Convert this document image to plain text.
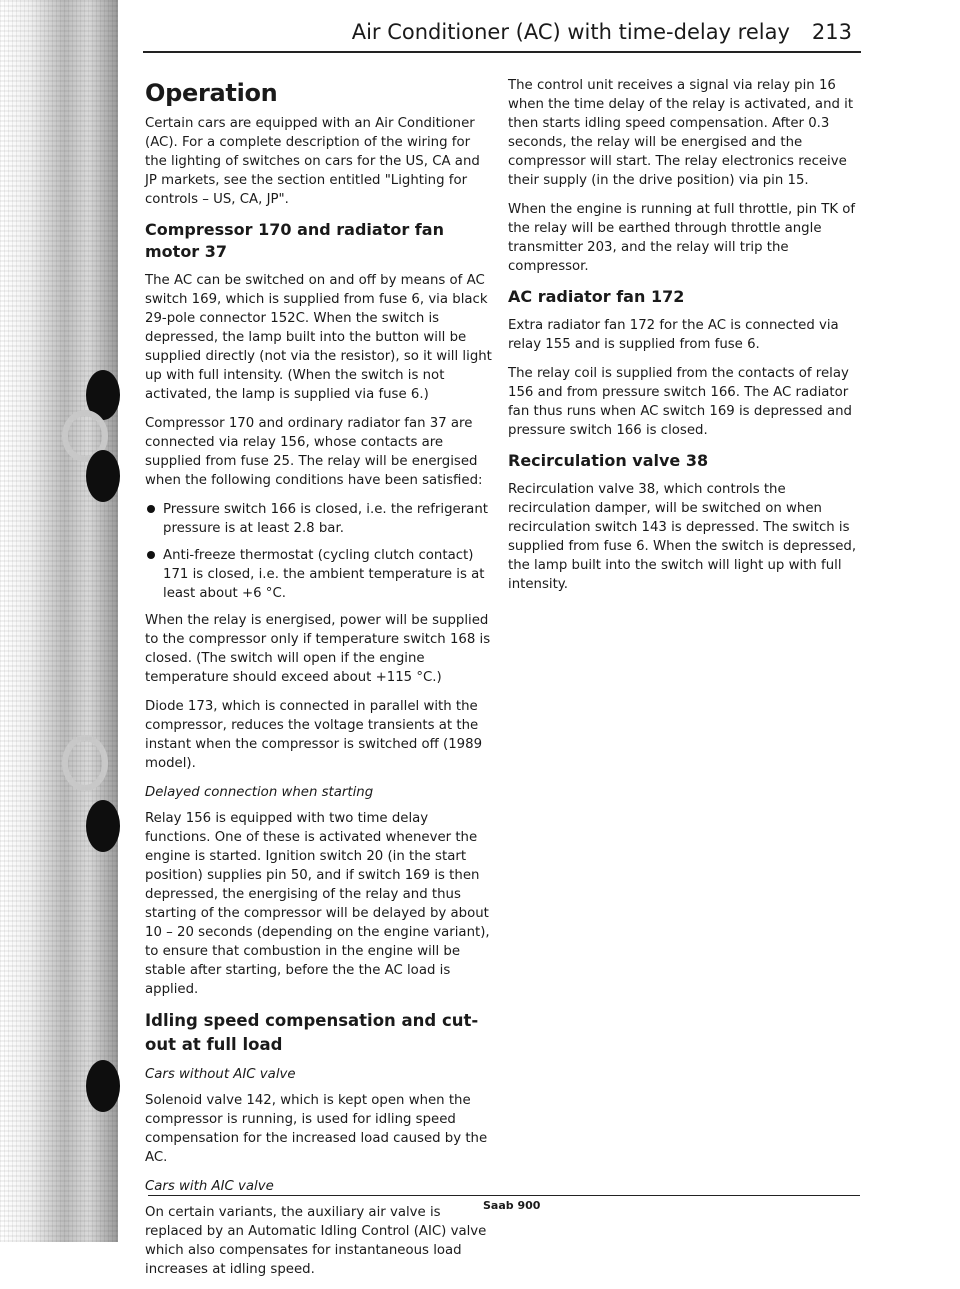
Air Conditioner (AC) with time-delay relay 213
Operation

Certain cars are equipped with an Air Conditioner (AC). For a complete description of the wiring for the lighting of switches on cars for the US, CA and JP markets, see the section entitled "Lighting for controls – US, CA, JP".

Compressor 170 and radiator fan motor 37

The AC can be switched on and off by means of AC switch 169, which is supplied from fuse 6, via black 29-pole connector 152C. When the switch is depressed, the lamp built into the button will be supplied directly (not via the resistor), so it will light up with full intensity. (When the switch is not activated, the lamp is supplied via fuse 6.)

Compressor 170 and ordinary radiator fan 37 are connected via relay 156, whose contacts are supplied from fuse 25. The relay will be energised when the following conditions have been satisfied:

Pressure switch 166 is closed, i.e. the refrigerant pressure is at least 2.8 bar.
Anti-freeze thermostat (cycling clutch contact) 171 is closed, i.e. the ambient temperature is at least about +6 °C.

When the relay is energised, power will be supplied to the compressor only if temperature switch 168 is closed. (The switch will open if the engine temperature should exceed about +115 °C.)

Diode 173, which is connected in parallel with the compressor, reduces the voltage transients at the instant when the compressor is switched off (1989 model).

Delayed connection when starting

Relay 156 is equipped with two time delay functions. One of these is activated whenever the engine is started. Ignition switch 20 (in the start position) supplies pin 50, and if switch 169 is then depressed, the energising of the relay and thus starting of the compressor will be delayed by about 10 – 20 seconds (depending on the engine variant), to ensure that combustion in the engine will be stable after starting, before the the AC load is applied.

Idling speed compensation and cut-out at full load
Cars without AIC valve

Solenoid valve 142, which is kept open when the compressor is running, is used for idling speed compensation for the increased load caused by the AC.

Cars with AIC valve

On certain variants, the auxiliary air valve is replaced by an Automatic Idling Control (AIC) valve which also compensates for instantaneous load increases at idling speed.

The control unit receives a signal via relay pin 16 when the time delay of the relay is activated, and it then starts idling speed compensation. After 0.3 seconds, the relay will be energised and the compressor will start. The relay electronics receive their supply (in the drive position) via pin 15.

When the engine is running at full throttle, pin TK of the relay will be earthed through throttle angle transmitter 203, and the relay will trip the compressor.

AC radiator fan 172

Extra radiator fan 172 for the AC is connected via relay 155 and is supplied from fuse 6.

The relay coil is supplied from the contacts of relay 156 and from pressure switch 166. The AC radiator fan thus runs when AC switch 169 is depressed and pressure switch 166 is closed.

Recirculation valve 38

Recirculation valve 38, which controls the recirculation damper, will be switched on when recirculation switch 143 is depressed. The switch is supplied from fuse 6. When the switch is depressed, the lamp built into the switch will light up with full intensity.

Saab 900
